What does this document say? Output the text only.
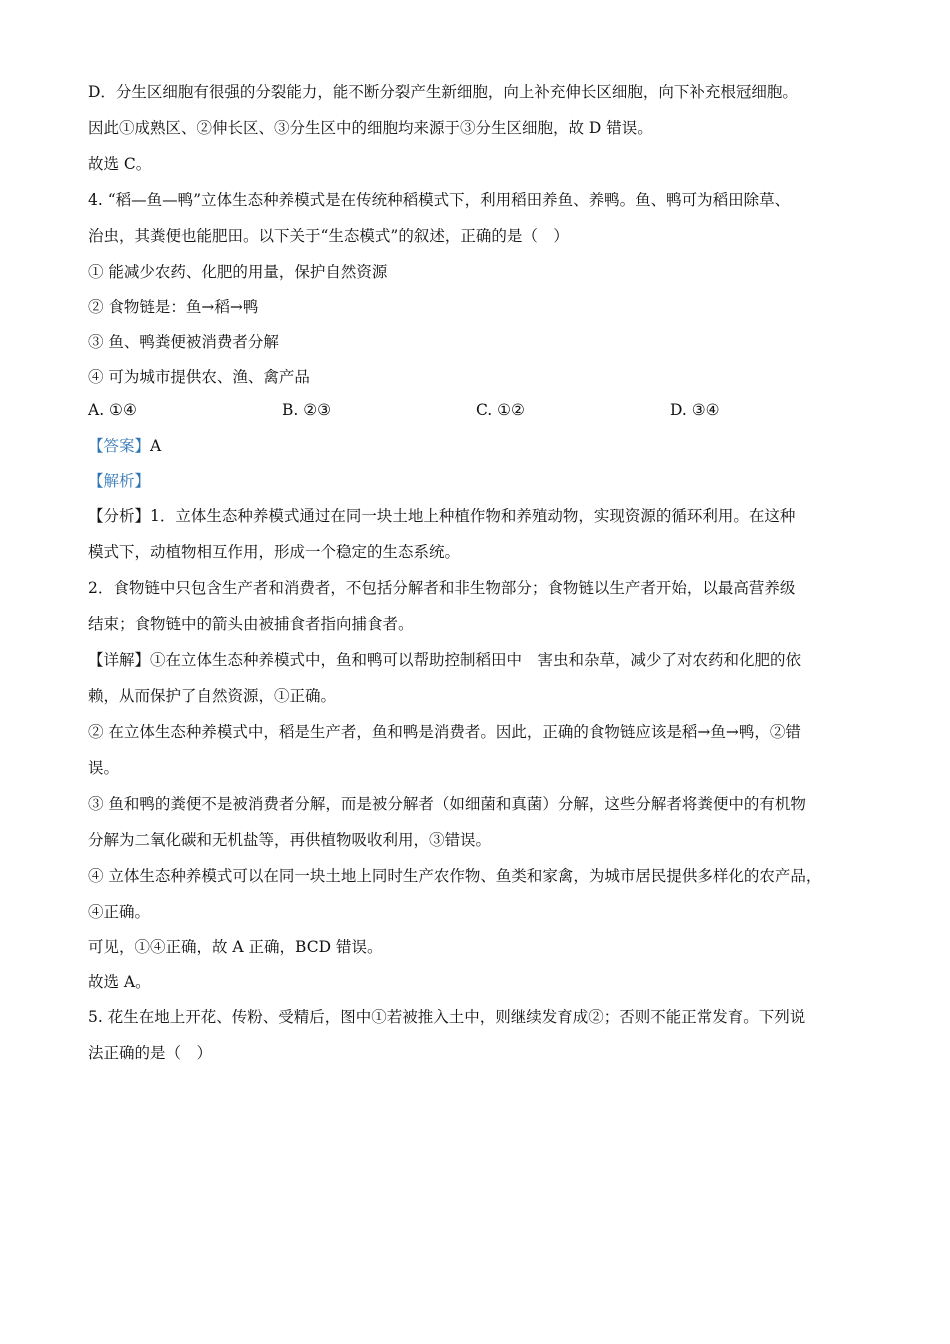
D．分生区细胞有很强的分裂能力，能不断分裂产生新细胞，向上补充伸长区细胞，向下补充根冠细胞。
因此①成熟区、②伸长区、③分生区中的细胞均来源于③分生区细胞，故 D 错误。
故选 C。
4. “稻—鱼—鸭”立体生态种养模式是在传统种稻模式下，利用稻田养鱼、养鸭。鱼、鸭可为稻田除草、
治虫，其粪便也能肥田。以下关于“生态模式”的叙述，正确的是（　）
① 能减少农药、化肥的用量，保护自然资源
② 食物链是：鱼→稻→鸭
③ 鱼、鸭粪便被消费者分解
④ 可为城市提供农、渔、禽产品
A. ①④	B. ②③	C. ①②	D. ③④
【答案】A
【解析】
【分析】1．立体生态种养模式通过在同一块土地上种植作物和养殖动物，实现资源的循环利用。在这种
模式下，动植物相互作用，形成一个稳定的生态系统。
2．食物链中只包含生产者和消费者，不包括分解者和非生物部分；食物链以生产者开始，以最高营养级
结束；食物链中的箭头由被捕食者指向捕食者。
【详解】①在立体生态种养模式中，鱼和鸭可以帮助控制稻田中　害虫和杂草，减少了对农药和化肥的依
赖，从而保护了自然资源，①正确。
② 在立体生态种养模式中，稻是生产者，鱼和鸭是消费者。因此，正确的食物链应该是稻→鱼→鸭，②错
误。
③ 鱼和鸭的粪便不是被消费者分解，而是被分解者（如细菌和真菌）分解，这些分解者将粪便中的有机物
分解为二氧化碳和无机盐等，再供植物吸收利用，③错误。
④ 立体生态种养模式可以在同一块土地上同时生产农作物、鱼类和家禽，为城市居民提供多样化的农产品，
④正确。
可见，①④正确，故 A 正确，BCD 错误。
故选 A。
5. 花生在地上开花、传粉、受精后，图中①若被推入土中，则继续发育成②；否则不能正常发育。下列说
法正确的是（　）
